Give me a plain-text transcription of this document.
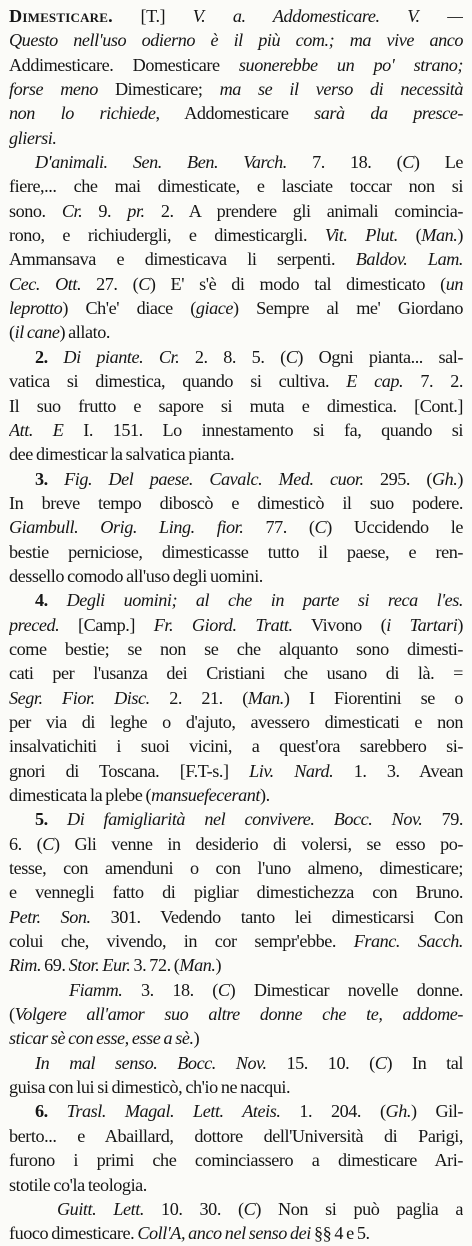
Dimesticare. [T.] V. a. Addomesticare. V. —
Questo nell'uso odierno è il più com.; ma vive anco
Addimesticare. Domesticare suonerebbe un po' strano;
forse meno Dimesticare; ma se il verso di necessità
non lo richiede, Addomesticare sarà da presce-
gliersi.
D'animali. Sen. Ben. Varch. 7. 18. (C) Le
fiere,... che mai dimesticate, e lasciate toccar non si
sono. Cr. 9. pr. 2. A prendere gli animali comincia-
rono, e richiudergli, e dimesticargli. Vit. Plut. (Man.)
Ammansava e dimesticava li serpenti. Baldov. Lam.
Cec. Ott. 27. (C) E' s'è di modo tal dimesticato (un
leprotto) Ch'e' diace (giace) Sempre al me' Giordano
(il cane) allato.
2. Di piante. Cr. 2. 8. 5. (C) Ogni pianta... sal-
vatica si dimestica, quando si cultiva. E cap. 7. 2.
Il suo frutto e sapore si muta e dimestica. [Cont.]
Att. E I. 151. Lo innestamento si fa, quando si
dee dimesticar la salvatica pianta.
3. Fig. Del paese. Cavalc. Med. cuor. 295. (Gh.)
In breve tempo diboscò e dimesticò il suo podere.
Giambull. Orig. Ling. fior. 77. (C) Uccidendo le
bestie perniciose, dimesticasse tutto il paese, e ren-
dessello comodo all'uso degli uomini.
4. Degli uomini; al che in parte si reca l'es.
preced. [Camp.] Fr. Giord. Tratt. Vivono (i Tartari)
come bestie; se non se che alquanto sono dimesti-
cati per l'usanza dei Cristiani che usano di là. =
Segr. Fior. Disc. 2. 21. (Man.) I Fiorentini se o
per via di leghe o d'ajuto, avessero dimesticati e non
insalvatichiti i suoi vicini, a quest'ora sarebbero si-
gnori di Toscana. [F.T-s.] Liv. Nard. 1. 3. Avean
dimesticata la plebe (mansuefecerant).
5. Di famigliarità nel convivere. Bocc. Nov. 79.
6. (C) Gli venne in desiderio di volersi, se esso po-
tesse, con amenduni o con l'uno almeno, dimesticare;
e vennegli fatto di pigliar dimestichezza con Bruno.
Petr. Son. 301. Vedendo tanto lei dimesticarsi Con
colui che, vivendo, in cor sempr'ebbe. Franc. Sacch.
Rim. 69. Stor. Eur. 3. 72. (Man.)
Fiamm. 3. 18. (C) Dimesticar novelle donne.
(Volgere all'amor suo altre donne che te, addome-
sticar sè con esse, esse a sè.)
In mal senso. Bocc. Nov. 15. 10. (C) In tal
guisa con lui si dimesticò, ch'io ne nacqui.
6. Trasl. Magal. Lett. Ateis. 1. 204. (Gh.) Gil-
berto... e Abaillard, dottore dell'Università di Parigi,
furono i primi che cominciassero a dimesticare Ari-
stotile co'la teologia.
Guitt. Lett. 10. 30. (C) Non si può paglia a
fuoco dimesticare. Coll'A, anco nel senso dei §§ 4 e 5.
